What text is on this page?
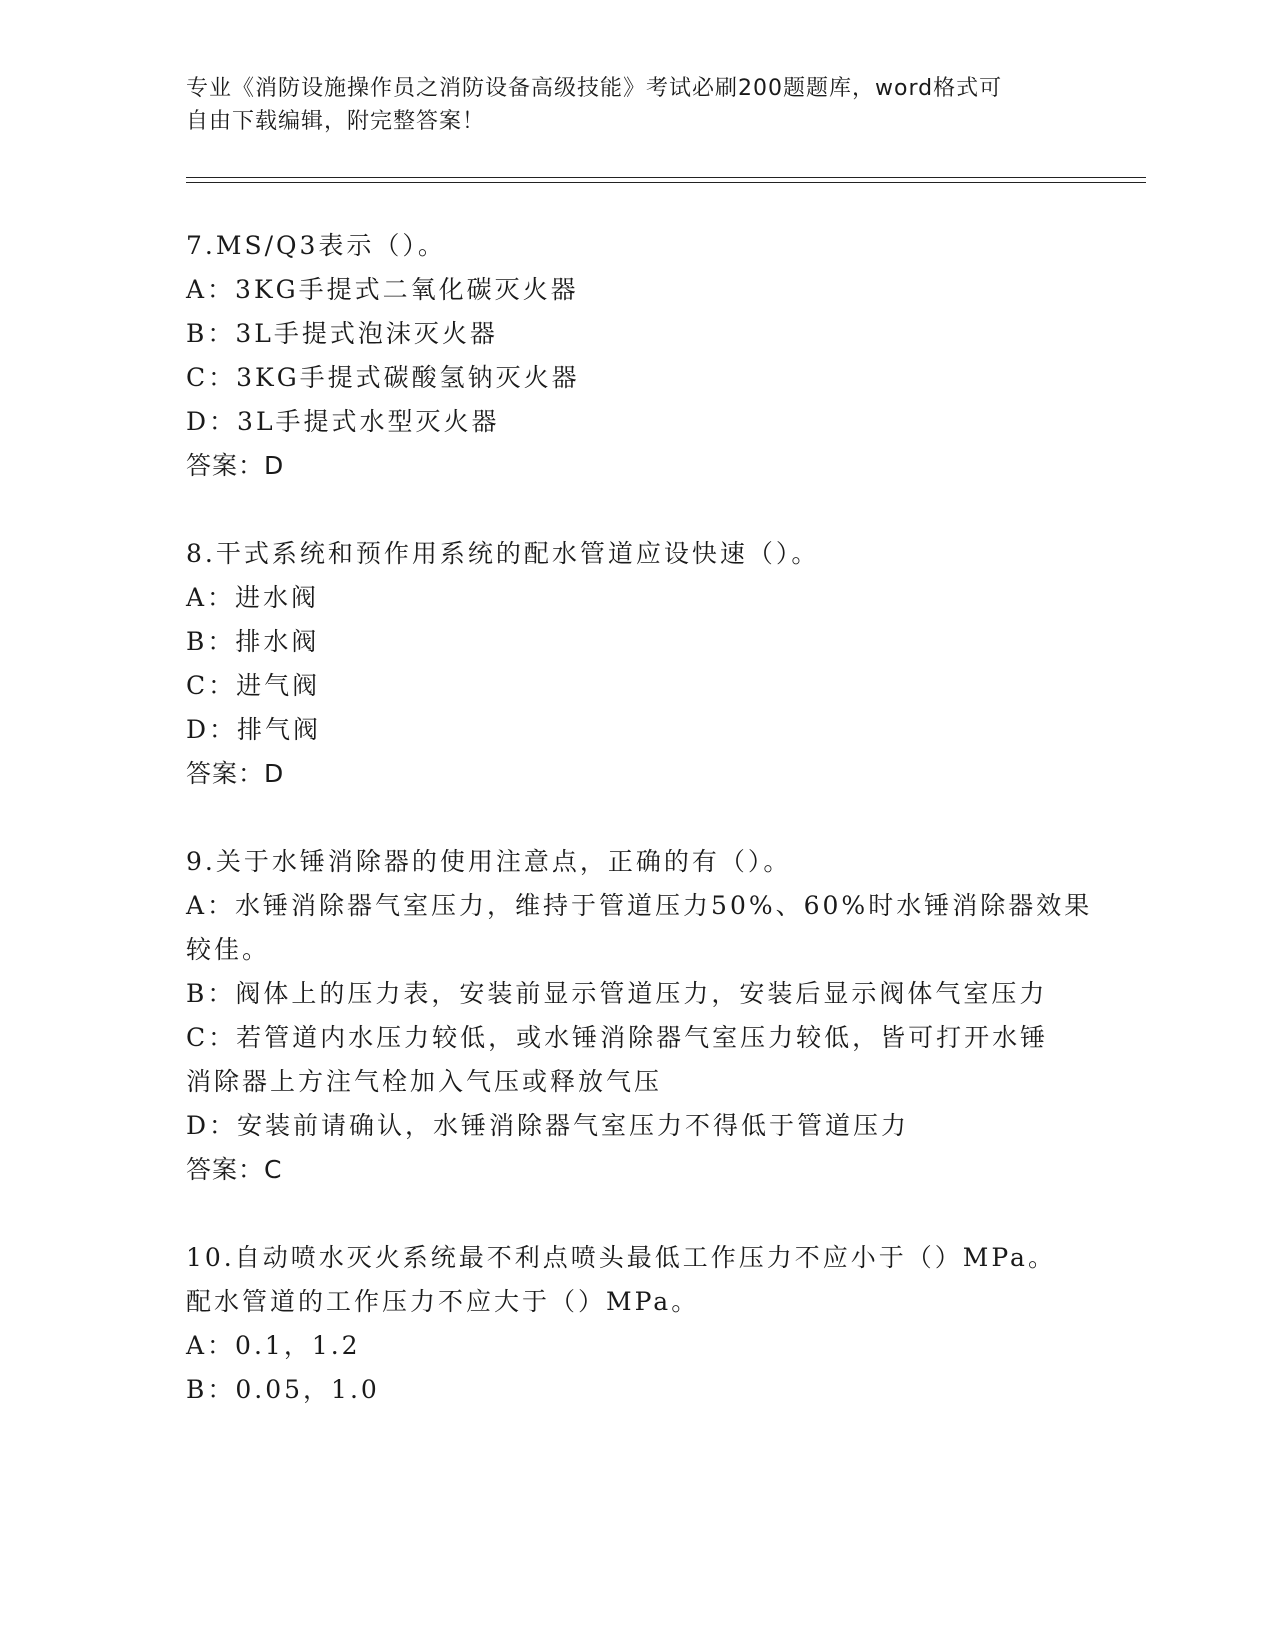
专业《消防设施操作员之消防设备高级技能》考试必刷200题题库，word格式可
自由下载编辑，附完整答案！
7.MS/Q3表示（）。
A：3KG手提式二氧化碳灭火器
B：3L手提式泡沫灭火器
C：3KG手提式碳酸氢钠灭火器
D：3L手提式水型灭火器
答案：D
8.干式系统和预作用系统的配水管道应设快速（）。
A：进水阀
B：排水阀
C：进气阀
D：排气阀
答案：D
9.关于水锤消除器的使用注意点，正确的有（）。
A：水锤消除器气室压力，维持于管道压力50%、60%时水锤消除器效果
较佳。
B：阀体上的压力表，安装前显示管道压力，安装后显示阀体气室压力
C：若管道内水压力较低，或水锤消除器气室压力较低，皆可打开水锤
消除器上方注气栓加入气压或释放气压
D：安装前请确认，水锤消除器气室压力不得低于管道压力
答案：C
10.自动喷水灭火系统最不利点喷头最低工作压力不应小于（）MPa。
配水管道的工作压力不应大于（）MPa。
A：0.1，1.2
B：0.05，1.0
